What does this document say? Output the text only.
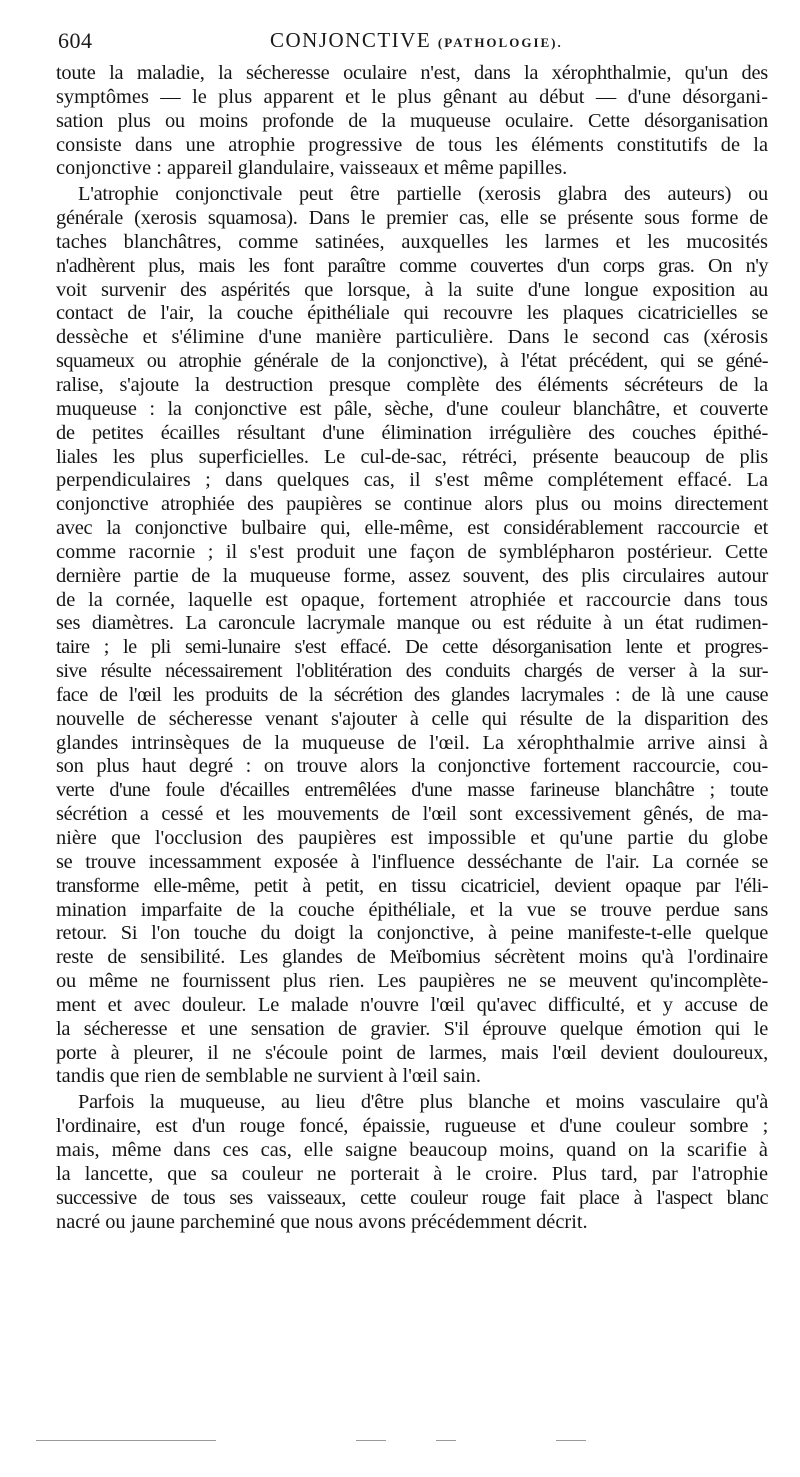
604	CONJONCTIVE (PATHOLOGIE).
toute la maladie, la sécheresse oculaire n'est, dans la xérophthalmie, qu'un des
symptômes — le plus apparent et le plus gênant au début — d'une désorgani-
sation plus ou moins profonde de la muqueuse oculaire. Cette désorganisation
consiste dans une atrophie progressive de tous les éléments constitutifs de la
conjonctive : appareil glandulaire, vaisseaux et même papilles.
L'atrophie conjonctivale peut être partielle (xerosis glabra des auteurs) ou
générale (xerosis squamosa). Dans le premier cas, elle se présente sous forme de
taches blanchâtres, comme satinées, auxquelles les larmes et les mucosités
n'adhèrent plus, mais les font paraître comme couvertes d'un corps gras. On n'y
voit survenir des aspérités que lorsque, à la suite d'une longue exposition au
contact de l'air, la couche épithéliale qui recouvre les plaques cicatricielles se
dessèche et s'élimine d'une manière particulière. Dans le second cas (xérosis
squameux ou atrophie générale de la conjonctive), à l'état précédent, qui se géné-
ralise, s'ajoute la destruction presque complète des éléments sécréteurs de la
muqueuse : la conjonctive est pâle, sèche, d'une couleur blanchâtre, et couverte
de petites écailles résultant d'une élimination irrégulière des couches épithé-
liales les plus superficielles. Le cul-de-sac, rétréci, présente beaucoup de plis
perpendiculaires ; dans quelques cas, il s'est même complétement effacé. La
conjonctive atrophiée des paupières se continue alors plus ou moins directement
avec la conjonctive bulbaire qui, elle-même, est considérablement raccourcie et
comme racornie ; il s'est produit une façon de symblépharon postérieur. Cette
dernière partie de la muqueuse forme, assez souvent, des plis circulaires autour
de la cornée, laquelle est opaque, fortement atrophiée et raccourcie dans tous
ses diamètres. La caroncule lacrymale manque ou est réduite à un état rudimen-
taire ; le pli semi-lunaire s'est effacé. De cette désorganisation lente et progres-
sive résulte nécessairement l'oblitération des conduits chargés de verser à la sur-
face de l'œil les produits de la sécrétion des glandes lacrymales : de là une cause
nouvelle de sécheresse venant s'ajouter à celle qui résulte de la disparition des
glandes intrinsèques de la muqueuse de l'œil. La xérophthalmie arrive ainsi à
son plus haut degré : on trouve alors la conjonctive fortement raccourcie, cou-
verte d'une foule d'écailles entremêlées d'une masse farineuse blanchâtre ; toute
sécrétion a cessé et les mouvements de l'œil sont excessivement gênés, de ma-
nière que l'occlusion des paupières est impossible et qu'une partie du globe
se trouve incessamment exposée à l'influence desséchante de l'air. La cornée se
transforme elle-même, petit à petit, en tissu cicatriciel, devient opaque par l'éli-
mination imparfaite de la couche épithéliale, et la vue se trouve perdue sans
retour. Si l'on touche du doigt la conjonctive, à peine manifeste-t-elle quelque
reste de sensibilité. Les glandes de Meïbomius sécrètent moins qu'à l'ordinaire
ou même ne fournissent plus rien. Les paupières ne se meuvent qu'incomplète-
ment et avec douleur. Le malade n'ouvre l'œil qu'avec difficulté, et y accuse de
la sécheresse et une sensation de gravier. S'il éprouve quelque émotion qui le
porte à pleurer, il ne s'écoule point de larmes, mais l'œil devient douloureux,
tandis que rien de semblable ne survient à l'œil sain.
Parfois la muqueuse, au lieu d'être plus blanche et moins vasculaire qu'à
l'ordinaire, est d'un rouge foncé, épaissie, rugueuse et d'une couleur sombre ;
mais, même dans ces cas, elle saigne beaucoup moins, quand on la scarifie à
la lancette, que sa couleur ne porterait à le croire. Plus tard, par l'atrophie
successive de tous ses vaisseaux, cette couleur rouge fait place à l'aspect blanc
nacré ou jaune parcheminé que nous avons précédemment décrit.
